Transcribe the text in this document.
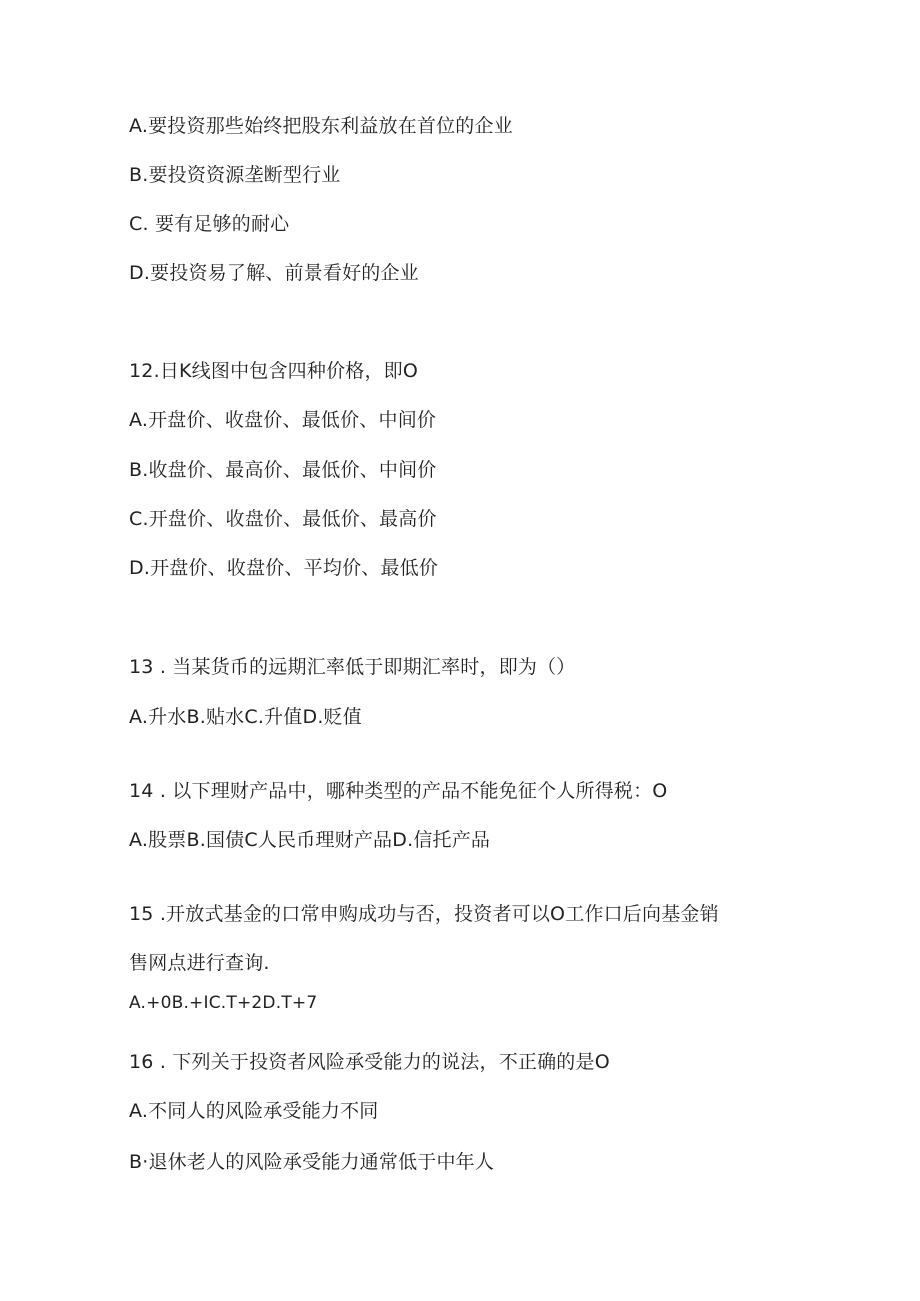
A.要投资那些始终把股东利益放在首位的企业
B.要投资资源垄断型行业
C. 要有足够的耐心
D.要投资易了解、前景看好的企业
12.日K线图中包含四种价格，即O
A.开盘价、收盘价、最低价、中间价
B.收盘价、最高价、最低价、中间价
C.开盘价、收盘价、最低价、最高价
D.开盘价、收盘价、平均价、最低价
13 . 当某货币的远期汇率低于即期汇率时，即为（）
A.升水B.贴水C.升值D.贬值
14 . 以下理财产品中，哪种类型的产品不能免征个人所得税：O
A.股票B.国债C人民币理财产品D.信托产品
15 .开放式基金的口常申购成功与否，投资者可以O工作口后向基金销
售网点进行查询.
A.+0B.+IC.T+2D.T+7
16 . 下列关于投资者风险承受能力的说法，不正确的是O
A.不同人的风险承受能力不同
B·退休老人的风险承受能力通常低于中年人
